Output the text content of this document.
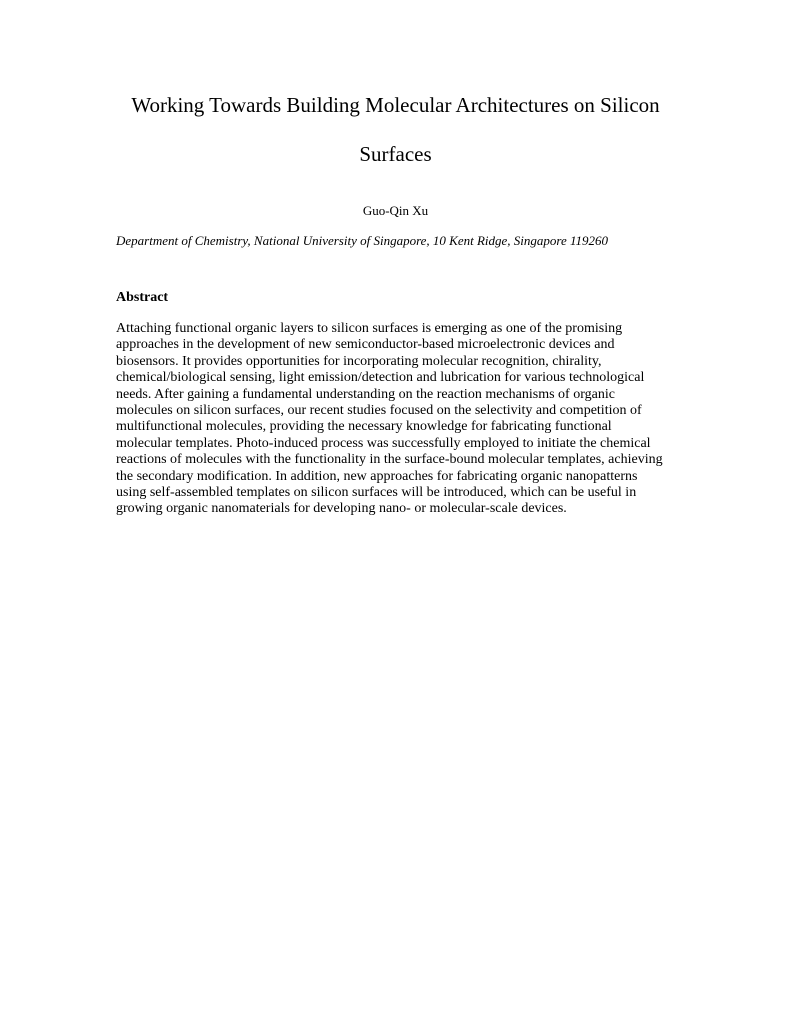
Working Towards Building Molecular Architectures on Silicon
Surfaces

Guo-Qin Xu

Department of Chemistry, National University of Singapore, 10 Kent Ridge, Singapore 119260

Abstract
Attaching functional organic layers to silicon surfaces is emerging as one of the promising
approaches in the development of new semiconductor-based microelectronic devices and
biosensors. It provides opportunities for incorporating molecular recognition, chirality,
chemical/biological sensing, light emission/detection and lubrication for various technological
needs. After gaining a fundamental understanding on the reaction mechanisms of organic
molecules on silicon surfaces, our recent studies focused on the selectivity and competition of
multifunctional molecules, providing the necessary knowledge for fabricating functional
molecular templates. Photo-induced process was successfully employed to initiate the chemical
reactions of molecules with the functionality in the surface-bound molecular templates, achieving
the secondary modification. In addition, new approaches for fabricating organic nanopatterns
using self-assembled templates on silicon surfaces will be introduced, which can be useful in
growing organic nanomaterials for developing nano- or molecular-scale devices.
